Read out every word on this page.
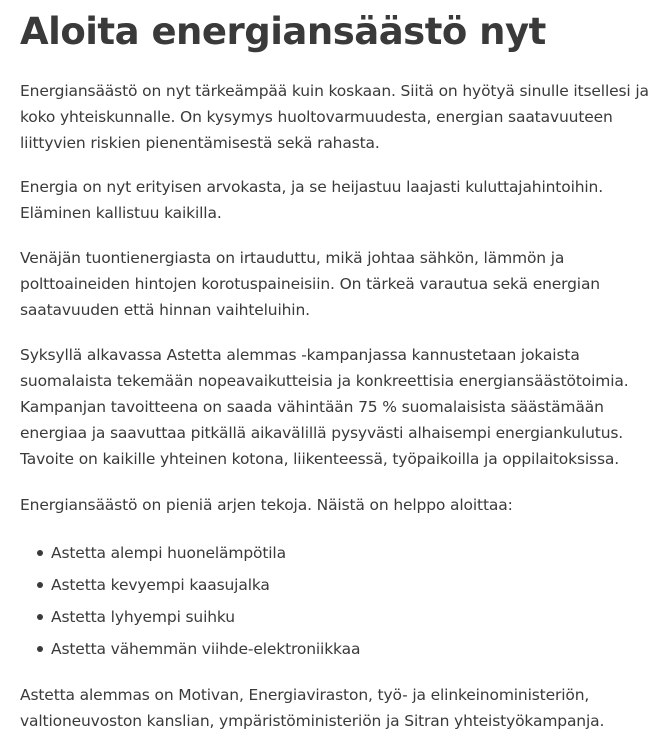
Aloita energiansäästö nyt

Energiansäästö on nyt tärkeämpää kuin koskaan. Siitä on hyötyä sinulle itsellesi ja koko yhteiskunnalle. On kysymys huoltovarmuudesta, energian saatavuuteen liittyvien riskien pienentämisestä sekä rahasta.

Energia on nyt erityisen arvokasta, ja se heijastuu laajasti kuluttajahintoihin. Eläminen kallistuu kaikilla.

Venäjän tuontienergiasta on irtauduttu, mikä johtaa sähkön, lämmön ja polttoaineiden hintojen korotuspaineisiin. On tärkeä varautua sekä energian saatavuuden että hinnan vaihteluihin.

Syksyllä alkavassa Astetta alemmas -kampanjassa kannustetaan jokaista suomalaista tekemään nopeavaikutteisia ja konkreettisia energiansäästötoimia. Kampanjan tavoitteena on saada vähintään 75 % suomalaisista säästämään energiaa ja saavuttaa pitkällä aikavälillä pysyvästi alhaisempi energiankulutus. Tavoite on kaikille yhteinen kotona, liikenteessä, työpaikoilla ja oppilaitoksissa.

Energiansäästö on pieniä arjen tekoja. Näistä on helppo aloittaa:

Astetta alempi huonelämpötila
Astetta kevyempi kaasujalka
Astetta lyhyempi suihku
Astetta vähemmän viihde-elektroniikkaa

Astetta alemmas on Motivan, Energiaviraston, työ- ja elinkeinoministeriön, valtioneuvoston kanslian, ympäristöministeriön ja Sitran yhteistyökampanja.
